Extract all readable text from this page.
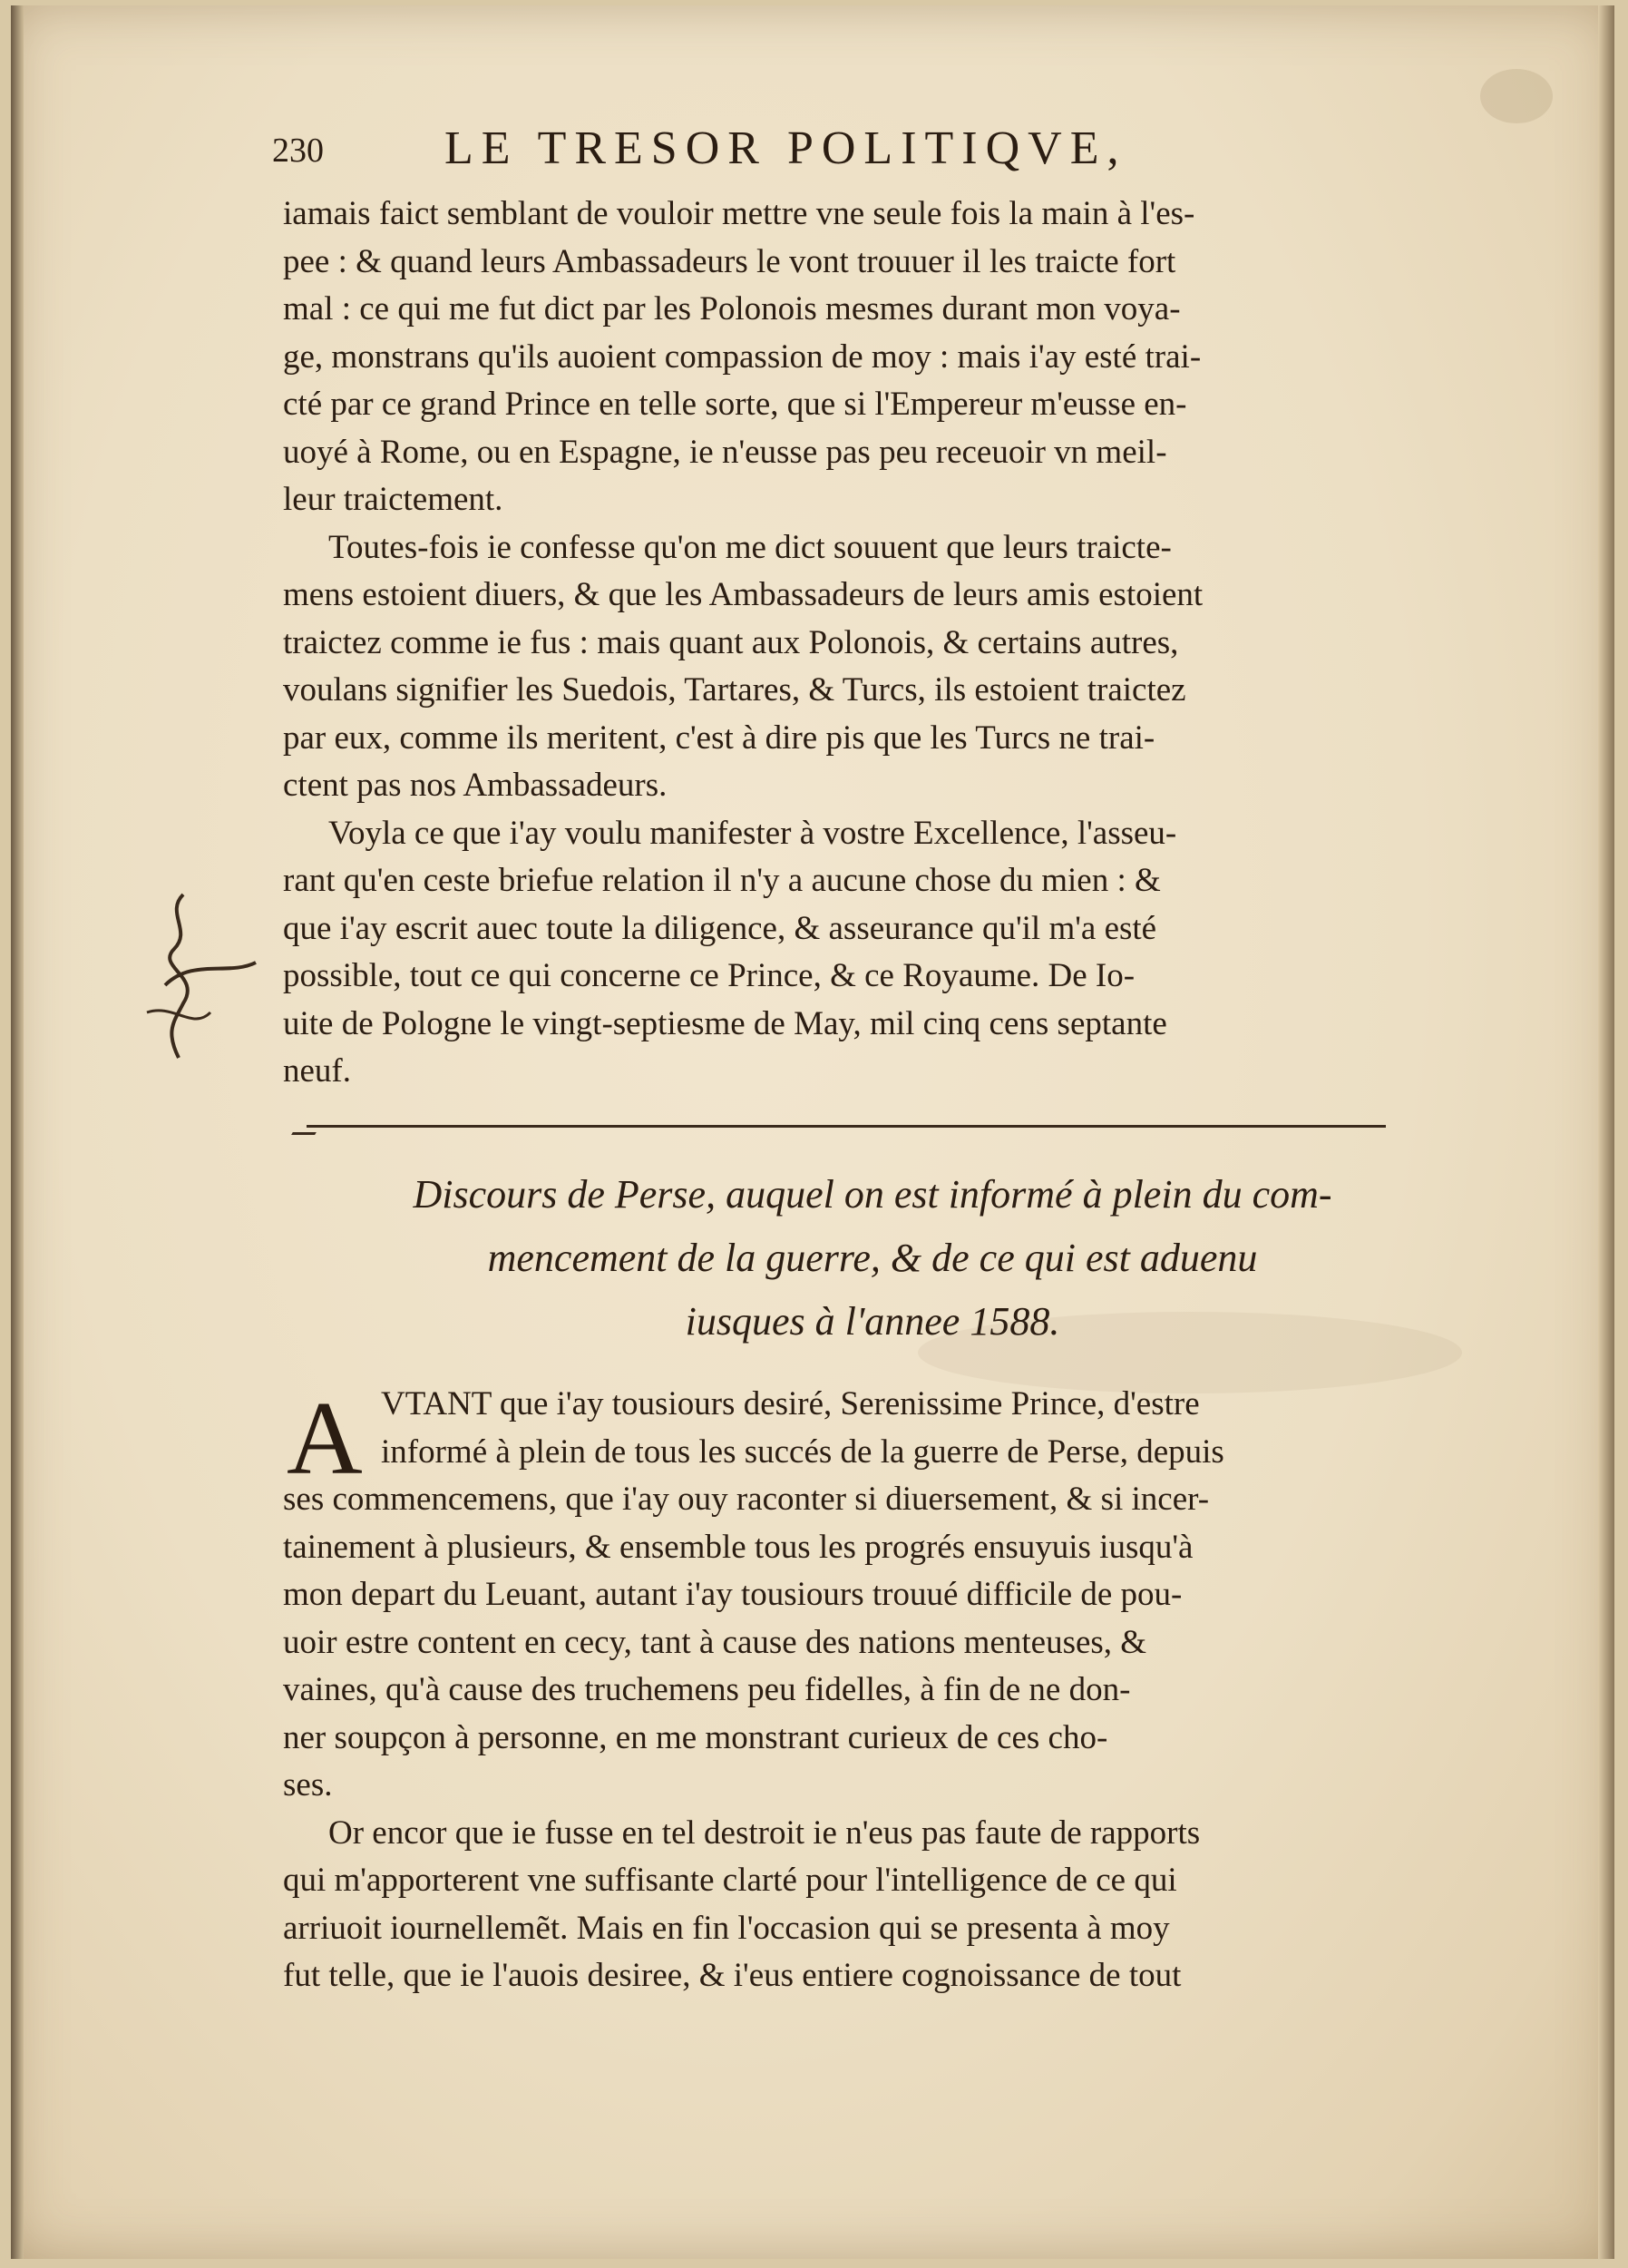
230	LE TRESOR POLITIQVE,
iamais faict semblant de vouloir mettre vne seule fois la main à l'es-
pee : & quand leurs Ambassadeurs le vont trouuer il les traicte fort
mal : ce qui me fut dict par les Polonois mesmes durant mon voya-
ge, monstrans qu'ils auoient compassion de moy : mais i'ay esté trai-
cté par ce grand Prince en telle sorte, que si l'Empereur m'eusse en-
uoyé à Rome, ou en Espagne, ie n'eusse pas peu receuoir vn meil-
leur traictement.
Toutes-fois ie confesse qu'on me dict souuent que leurs traicte-
mens estoient diuers, & que les Ambassadeurs de leurs amis estoient
traictez comme ie fus : mais quant aux Polonois, & certains autres,
voulans signifier les Suedois, Tartares, & Turcs, ils estoient traictez
par eux, comme ils meritent, c'est à dire pis que les Turcs ne trai-
ctent pas nos Ambassadeurs.
Voyla ce que i'ay voulu manifester à vostre Excellence, l'asseu-
rant qu'en ceste briefue relation il n'y a aucune chose du mien : &
que i'ay escrit auec toute la diligence, & asseurance qu'il m'a esté
possible, tout ce qui concerne ce Prince, & ce Royaume. De Io-
uite de Pologne le vingt-septiesme de May, mil cinq cens septante
neuf.
Discours de Perse, auquel on est informé à plein du com-
mencement de la guerre, & de ce qui est aduenu
iusques à l'annee 1588.
A VTANT que i'ay tousiours desiré, Serenissime Prince, d'estre
informé à plein de tous les succés de la guerre de Perse, depuis
ses commencemens, que i'ay ouy raconter si diuersement, & si incer-
tainement à plusieurs, & ensemble tous les progrés ensuyuis iusqu'à
mon depart du Leuant, autant i'ay tousiours trouué difficile de pou-
uoir estre content en cecy, tant à cause des nations menteuses, &
vaines, qu'à cause des truchemens peu fidelles, à fin de ne don-
ner soupçon à personne, en me monstrant curieux de ces cho-
ses.
Or encor que ie fusse en tel destroit ie n'eus pas faute de rapports
qui m'apporterent vne suffisante clarté pour l'intelligence de ce qui
arriuoit iournellemẽt. Mais en fin l'occasion qui se presenta à moy
fut telle, que ie l'auois desiree, & i'eus entiere cognoissance de tout
